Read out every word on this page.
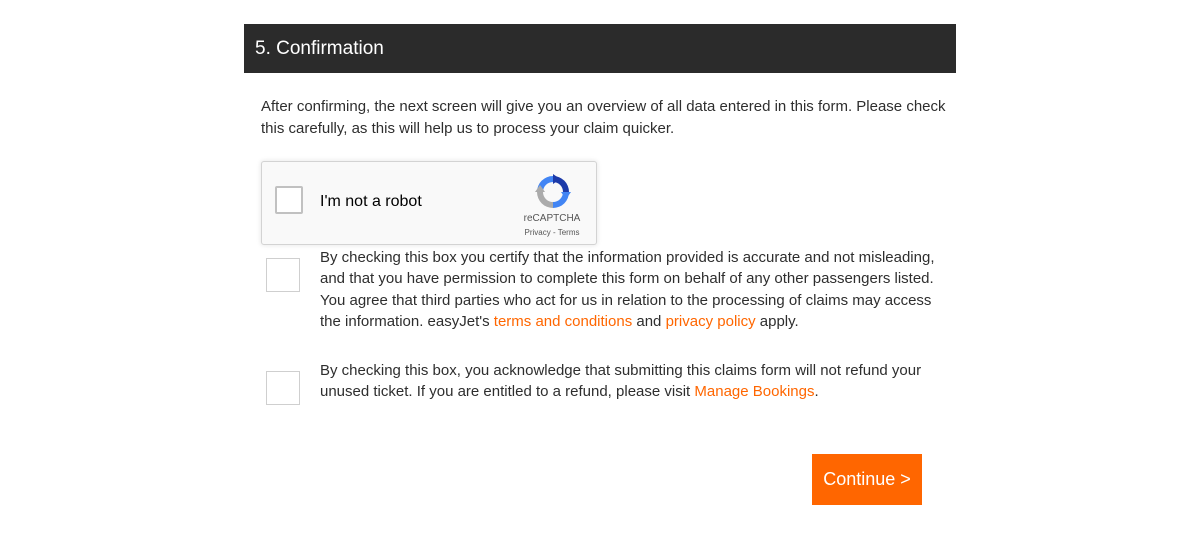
5. Confirmation
After confirming, the next screen will give you an overview of all data entered in this form. Please check this carefully, as this will help us to process your claim quicker.
I'm not a robot
reCAPTCHA
Privacy - Terms
By checking this box you certify that the information provided is accurate and not misleading, and that you have permission to complete this form on behalf of any other passengers listed. You agree that third parties who act for us in relation to the processing of claims may access the information. easyJet's terms and conditions and privacy policy apply.
By checking this box, you acknowledge that submitting this claims form will not refund your unused ticket. If you are entitled to a refund, please visit Manage Bookings.
Continue >
